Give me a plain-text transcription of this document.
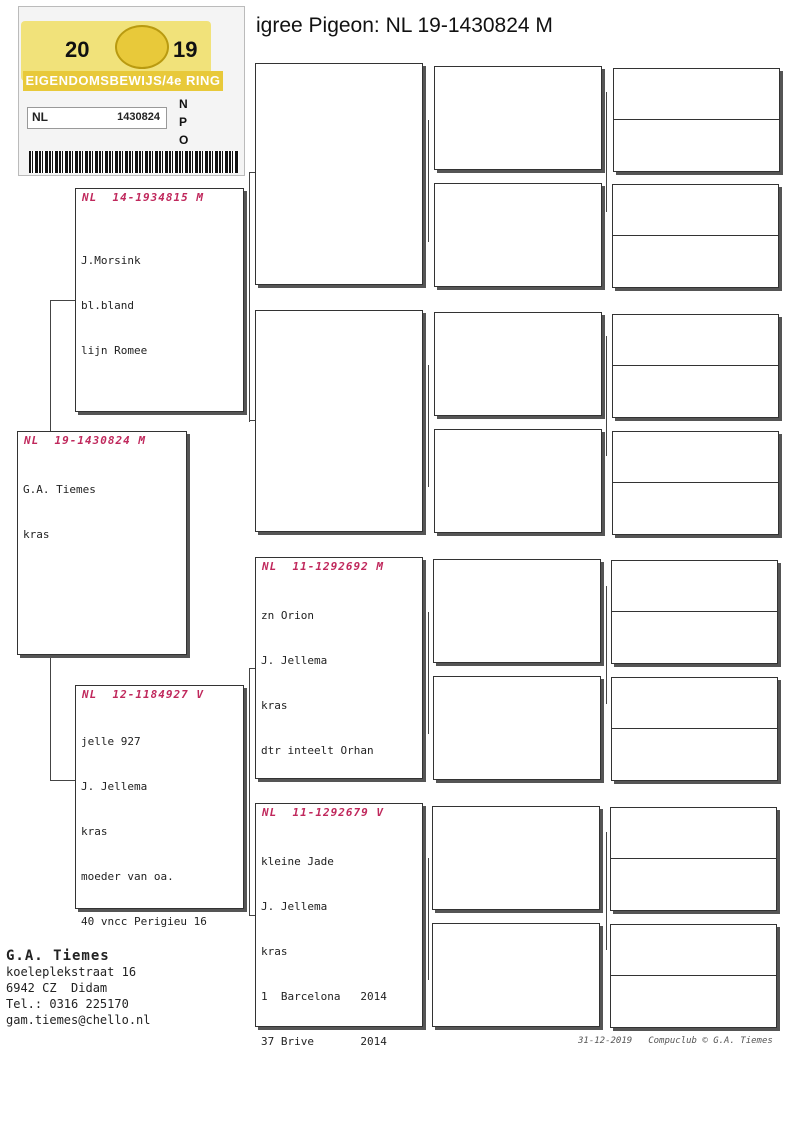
igree Pigeon: NL 19-1430824 M
20	19
EIGENDOMSBEWIJS/4e RING
NL	1430824
N
P
O
NL  19-1430824 M

G.A. Tiemes

kras

NL  14-1934815 M

J.Morsink

bl.bland

lijn Romee

NL  12-1184927 V

jelle 927

J. Jellema

kras

moeder van oa.

40 vncc Perigieu 16

NL  11-1292692 M

zn Orion

J. Jellema

kras

dtr inteelt Orhan

NL  11-1292679 V

kleine Jade

J. Jellema

kras

1  Barcelona   2014

37 Brive       2014

G.A. Tiemes
koeleplekstraat 16
6942 CZ  Didam
Tel.: 0316 225170
gam.tiemes@chello.nl
31-12-2019 Compuclub © G.A. Tiemes
